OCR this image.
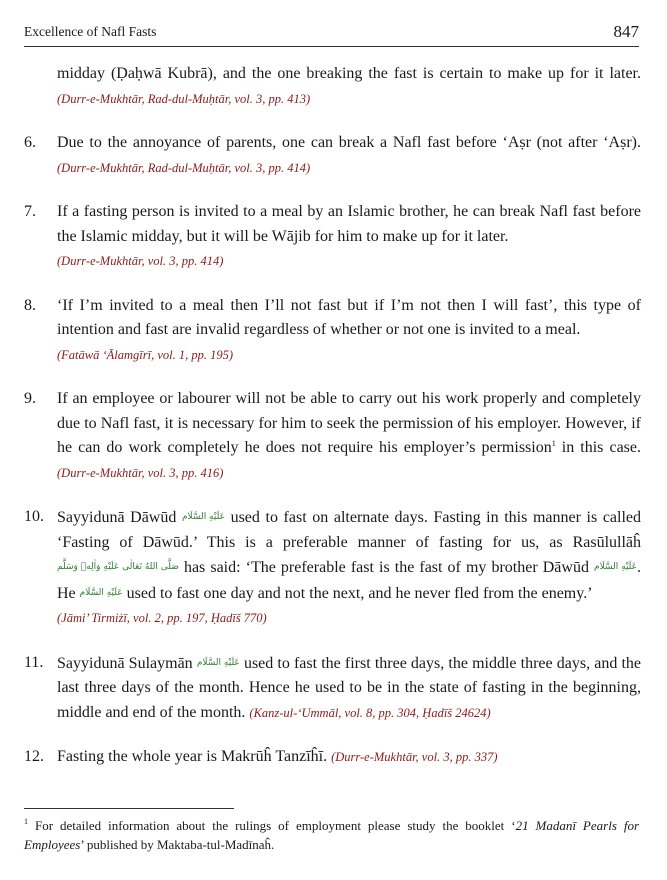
Excellence of Nafl Fasts	847
midday (Ḍaḥwā Kubrā), and the one breaking the fast is certain to make up for it later. (Durr-e-Mukhtār, Rad-dul-Muḥtār, vol. 3, pp. 413)
6.	Due to the annoyance of parents, one can break a Nafl fast before ‘Aṣr (not after ‘Aṣr). (Durr-e-Mukhtār, Rad-dul-Muḥtār, vol. 3, pp. 414)
7.	If a fasting person is invited to a meal by an Islamic brother, he can break Nafl fast before the Islamic midday, but it will be Wājib for him to make up for it later.
(Durr-e-Mukhtār, vol. 3, pp. 414)
8.	‘If I’m invited to a meal then I’ll not fast but if I’m not then I will fast’, this type of intention and fast are invalid regardless of whether or not one is invited to a meal.
(Fatāwā ‘Ālamgīrī, vol. 1, pp. 195)
9.	If an employee or labourer will not be able to carry out his work properly and completely due to Nafl fast, it is necessary for him to seek the permission of his employer. However, if he can do work completely he does not require his employer’s permission$^1$ in this case. (Durr-e-Mukhtār, vol. 3, pp. 416)
10. Sayyidunā Dāwūd عَلَيْهِ السَّلَام used to fast on alternate days. Fasting in this manner is called ‘Fasting of Dāwūd.’ This is a preferable manner of fasting for us, as Rasūlullāĥ صَلَّى اللهُ تَعَالٰى عَلَيْهِ وَاٰلِهٖ وَسَلَّم has said: ‘The preferable fast is the fast of my brother Dāwūd عَلَيْهِ السَّلَام. He عَلَيْهِ السَّلَام used to fast one day and not the next, and he never fled from the enemy.’
(Jāmi’ Tirmiżī, vol. 2, pp. 197, Ḥadīš 770)
11. Sayyidunā Sulaymān عَلَيْهِ السَّلَام used to fast the first three days, the middle three days, and the last three days of the month. Hence he used to be in the state of fasting in the beginning, middle and end of the month. (Kanz-ul-‘Ummāl, vol. 8, pp. 304, Ḥadīš 24624)
12. Fasting the whole year is Makrūĥ Tanzīĥī. (Durr-e-Mukhtār, vol. 3, pp. 337)
$^1$ For detailed information about the rulings of employment please study the booklet ‘21 Madanī Pearls for Employees’ published by Maktaba-tul-Madīnaĥ.
